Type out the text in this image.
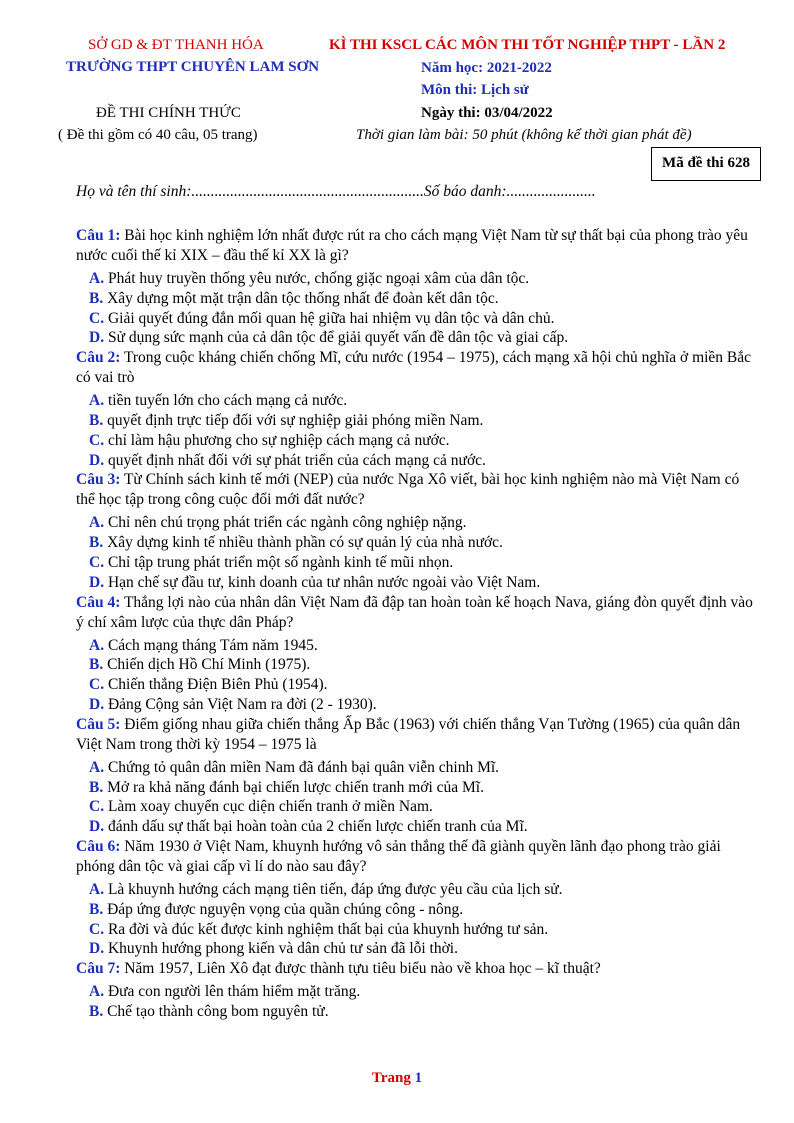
SỞ GD & ĐT THANH HÓA
TRƯỜNG THPT CHUYÊN LAM SƠN
KÌ THI KSCL CÁC MÔN THI TỐT NGHIỆP THPT - LẦN 2
Năm học: 2021-2022
Môn thi: Lịch sử
ĐỀ THI CHÍNH THỨC
( Đề thi gồm có 40 câu, 05 trang)
Ngày thi: 03/04/2022
Thời gian làm bài: 50 phút (không kể thời gian phát đề)
Mã đề thi 628
Họ và tên thí sinh:............................................................Số báo danh:.......................
Câu 1: Bài học kinh nghiệm lớn nhất được rút ra cho cách mạng Việt Nam từ sự thất bại của phong trào yêu nước cuối thế kỉ XIX – đầu thế kỉ XX là gì?
A. Phát huy truyền thống yêu nước, chống giặc ngoại xâm của dân tộc.
B. Xây dựng một mặt trận dân tộc thống nhất để đoàn kết dân tộc.
C. Giải quyết đúng đắn mối quan hệ giữa hai nhiệm vụ dân tộc và dân chủ.
D. Sử dụng sức mạnh của cả dân tộc để giải quyết vấn đề dân tộc và giai cấp.
Câu 2: Trong cuộc kháng chiến chống Mĩ, cứu nước (1954 – 1975), cách mạng xã hội chủ nghĩa ở miền Bắc có vai trò
A. tiền tuyến lớn cho cách mạng cả nước.
B. quyết định trực tiếp đối với sự nghiệp giải phóng miền Nam.
C. chỉ làm hậu phương cho sự nghiệp cách mạng cả nước.
D. quyết định nhất đối với sự phát triển của cách mạng cả nước.
Câu 3: Từ Chính sách kinh tế mới (NEP) của nước Nga Xô viết, bài học kinh nghiệm nào mà Việt Nam có thể học tập trong công cuộc đổi mới đất nước?
A. Chỉ nên chú trọng phát triển các ngành công nghiệp nặng.
B. Xây dựng kinh tế nhiều thành phần có sự quản lý của nhà nước.
C. Chỉ tập trung phát triển một số ngành kinh tế mũi nhọn.
D. Hạn chế sự đầu tư, kinh doanh của tư nhân nước ngoài vào Việt Nam.
Câu 4: Thắng lợi nào của nhân dân Việt Nam đã đập tan hoàn toàn kế hoạch Nava, giáng đòn quyết định vào ý chí xâm lược của thực dân Pháp?
A. Cách mạng tháng Tám năm 1945.
B. Chiến dịch Hồ Chí Minh (1975).
C. Chiến thắng Điện Biên Phủ (1954).
D. Đảng Cộng sản Việt Nam ra đời (2 - 1930).
Câu 5: Điểm giống nhau giữa chiến thắng Ấp Bắc (1963) với chiến thắng Vạn Tường (1965) của quân dân Việt Nam trong thời kỳ 1954 – 1975 là
A. Chứng tỏ quân dân miền Nam đã đánh bại quân viễn chinh Mĩ.
B. Mở ra khả năng đánh bại chiến lược chiến tranh mới của Mĩ.
C. Làm xoay chuyển cục diện chiến tranh ở miền Nam.
D. đánh dấu sự thất bại hoàn toàn của 2 chiến lược chiến tranh của Mĩ.
Câu 6: Năm 1930 ở Việt Nam, khuynh hướng vô sản thắng thế đã giành quyền lãnh đạo phong trào giải phóng dân tộc và giai cấp vì lí do nào sau đây?
A. Là khuynh hướng cách mạng tiên tiến, đáp ứng được yêu cầu của lịch sử.
B. Đáp ứng được nguyện vọng của quần chúng công - nông.
C. Ra đời và đúc kết được kinh nghiệm thất bại của khuynh hướng tư sản.
D. Khuynh hướng phong kiến và dân chủ tư sản đã lỗi thời.
Câu 7: Năm 1957, Liên Xô đạt được thành tựu tiêu biểu nào về khoa học – kĩ thuật?
A. Đưa con người lên thám hiểm mặt trăng.
B. Chế tạo thành công bom nguyên tử.
Trang 1
